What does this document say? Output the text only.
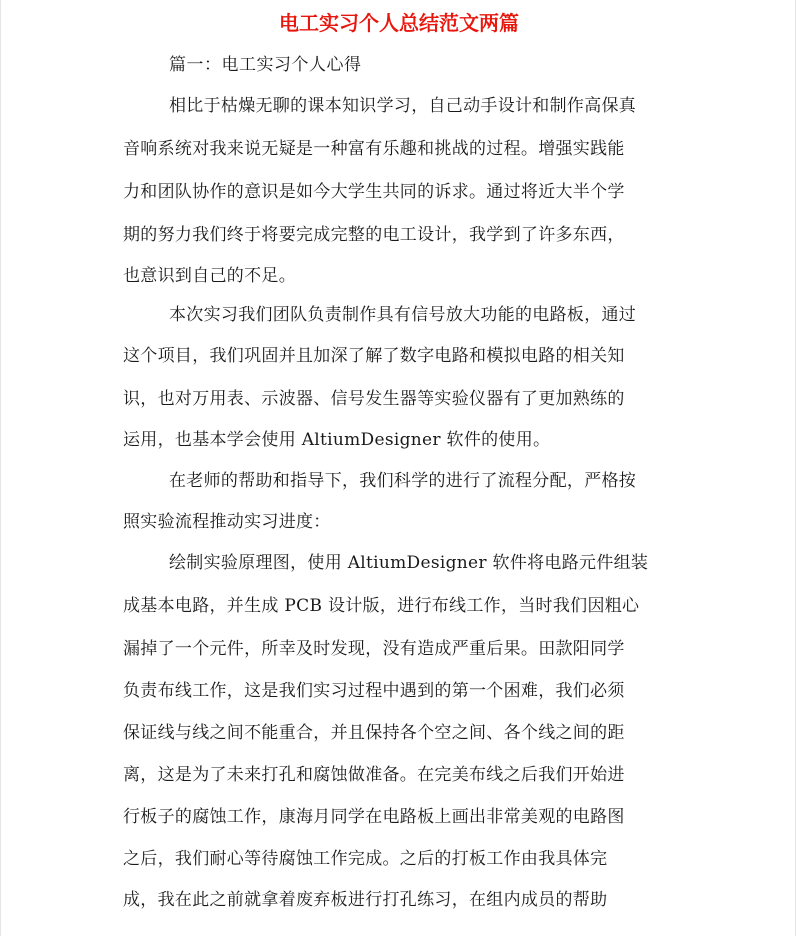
电工实习个人总结范文两篇

篇一：电工实习个人心得

相比于枯燥无聊的课本知识学习，自己动手设计和制作高保真

音响系统对我来说无疑是一种富有乐趣和挑战的过程。增强实践能

力和团队协作的意识是如今大学生共同的诉求。通过将近大半个学

期的努力我们终于将要完成完整的电工设计，我学到了许多东西，

也意识到自己的不足。

本次实习我们团队负责制作具有信号放大功能的电路板，通过

这个项目，我们巩固并且加深了解了数字电路和模拟电路的相关知

识，也对万用表、示波器、信号发生器等实验仪器有了更加熟练的

运用，也基本学会使用 AltiumDesigner 软件的使用。

在老师的帮助和指导下，我们科学的进行了流程分配，严格按

照实验流程推动实习进度：

绘制实验原理图，使用 AltiumDesigner 软件将电路元件组装

成基本电路，并生成 PCB 设计版，进行布线工作，当时我们因粗心

漏掉了一个元件，所幸及时发现，没有造成严重后果。田款阳同学

负责布线工作，这是我们实习过程中遇到的第一个困难，我们必须

保证线与线之间不能重合，并且保持各个空之间、各个线之间的距

离，这是为了未来打孔和腐蚀做准备。在完美布线之后我们开始进

行板子的腐蚀工作，康海月同学在电路板上画出非常美观的电路图

之后，我们耐心等待腐蚀工作完成。之后的打板工作由我具体完

成，我在此之前就拿着废弃板进行打孔练习，在组内成员的帮助
